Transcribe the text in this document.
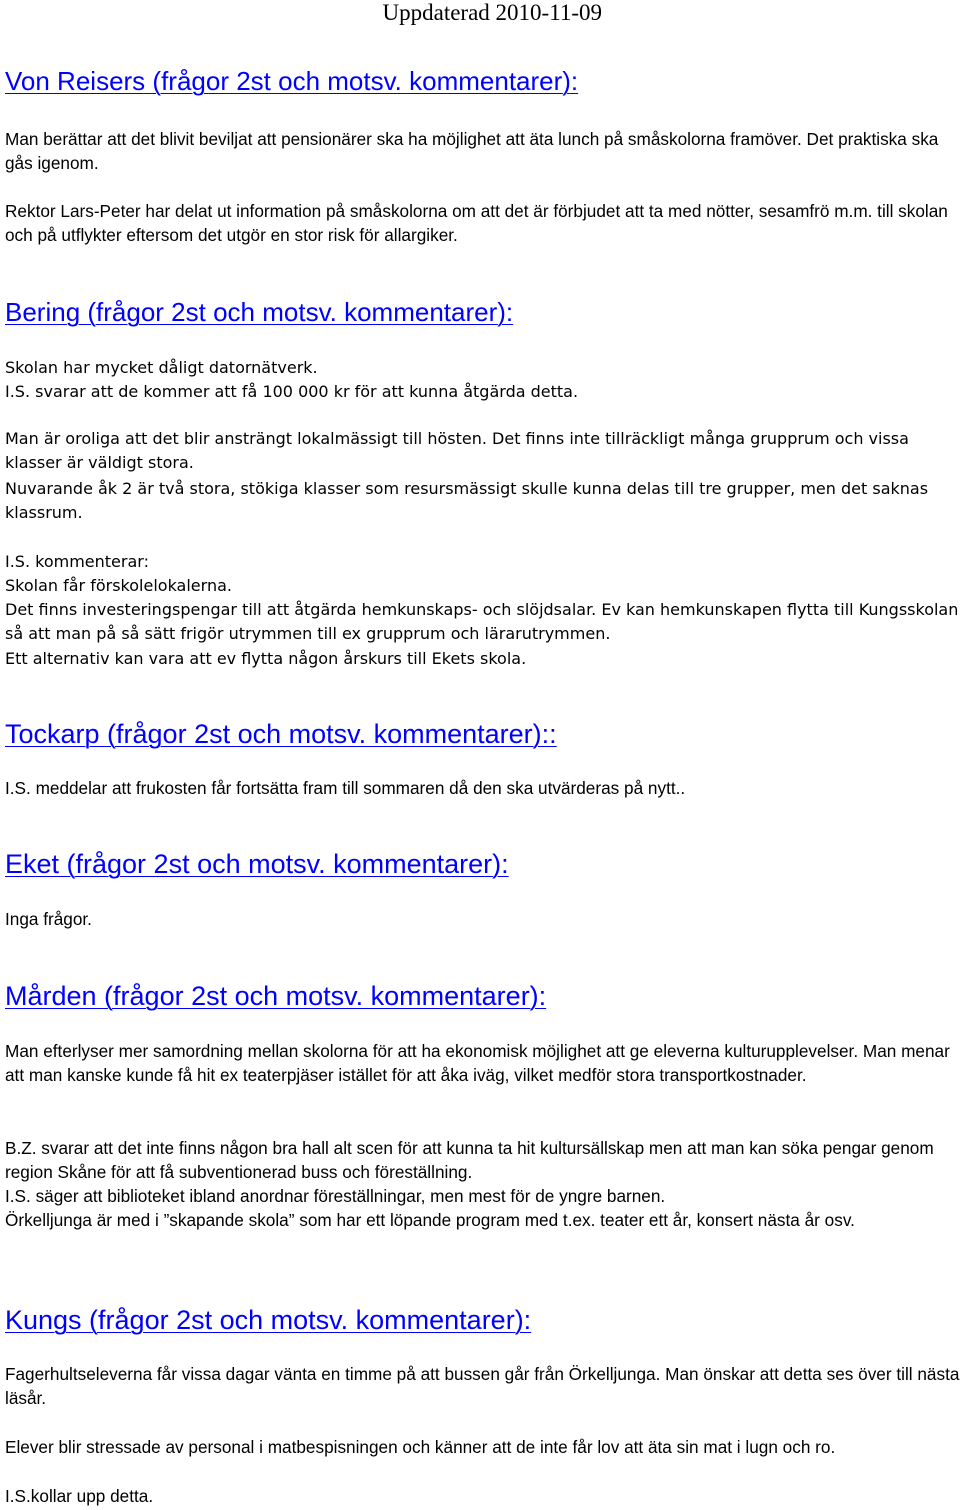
Uppdaterad 2010-11-09
Von Reisers (frågor 2st och motsv. kommentarer):
Man berättar att det blivit beviljat att pensionärer ska ha möjlighet att äta lunch på småskolorna framöver. Det praktiska ska gås igenom.
Rektor Lars-Peter har delat ut information på småskolorna om att det är förbjudet att ta med nötter, sesamfrö m.m. till skolan och på utflykter eftersom det utgör en stor risk för allargiker.
Bering (frågor 2st och motsv. kommentarer):
Skolan har mycket dåligt datornätverk.
I.S. svarar att de kommer att få 100 000 kr för att kunna åtgärda detta.
Man är oroliga att det blir ansträngt lokalmässigt till hösten. Det finns inte tillräckligt många grupprum och vissa klasser är väldigt stora.
Nuvarande åk 2 är två stora, stökiga klasser som resursmässigt skulle kunna delas till tre grupper, men det saknas klassrum.
I.S. kommenterar:
Skolan får förskolelokalerna.
Det finns investeringspengar till att åtgärda hemkunskaps- och slöjdsalar. Ev kan hemkunskapen flytta till Kungsskolan så att man på så sätt frigör utrymmen till ex grupprum och lärarutrymmen.
Ett alternativ kan vara att ev flytta någon årskurs till Ekets skola.
Tockarp (frågor 2st och motsv. kommentarer)::
I.S. meddelar att frukosten får fortsätta fram till sommaren då den ska utvärderas på nytt..
Eket (frågor 2st och motsv. kommentarer):
Inga frågor.
Mården (frågor 2st och motsv. kommentarer):
Man efterlyser mer samordning mellan skolorna för att ha ekonomisk möjlighet att ge eleverna kulturupplevelser. Man menar att man kanske kunde få hit ex teaterpjäser istället för att åka iväg, vilket medför stora transportkostnader.
B.Z. svarar att det inte finns någon bra hall alt scen för att kunna ta hit kultursällskap men att man kan söka pengar genom region Skåne för att få subventionerad buss och föreställning.
I.S. säger att biblioteket ibland anordnar föreställningar, men mest för de yngre barnen.
Örkelljunga är med i ”skapande skola” som har ett löpande program med t.ex. teater ett år, konsert nästa år osv.
Kungs (frågor 2st och motsv. kommentarer):
Fagerhultseleverna får vissa dagar vänta en timme på att bussen går från Örkelljunga. Man önskar att detta ses över till nästa läsår.
Elever blir stressade av personal i matbespisningen och känner att de inte får lov att äta sin mat i lugn och ro.
I.S.kollar upp detta.
